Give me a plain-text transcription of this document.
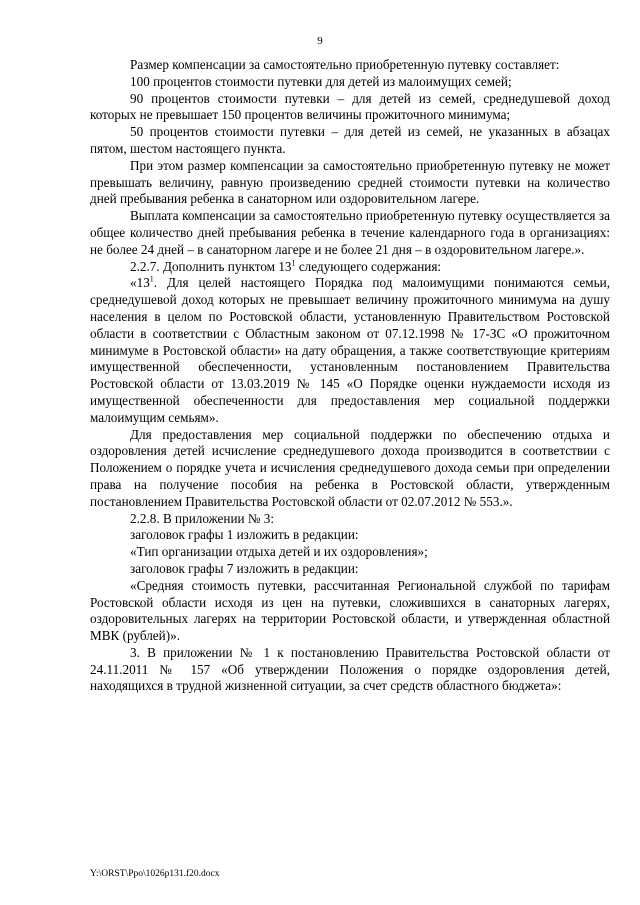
9

Размер компенсации за самостоятельно приобретенную путевку составляет:

100 процентов стоимости путевки для детей из малоимущих семей;

90 процентов стоимости путевки – для детей из семей, среднедушевой доход которых не превышает 150 процентов величины прожиточного минимума;

50 процентов стоимости путевки – для детей из семей, не указанных в абзацах пятом, шестом настоящего пункта.

При этом размер компенсации за самостоятельно приобретенную путевку не может превышать величину, равную произведению средней стоимости путевки на количество дней пребывания ребенка в санаторном или оздоровительном лагере.

Выплата компенсации за самостоятельно приобретенную путевку осуществляется за общее количество дней пребывания ребенка в течение календарного года в организациях: не более 24 дней – в санаторном лагере и не более 21 дня – в оздоровительном лагере.».

2.2.7. Дополнить пунктом $13^1$ следующего содержания:

«$13^1$. Для целей настоящего Порядка под малоимущими понимаются семьи, среднедушевой доход которых не превышает величину прожиточного минимума на душу населения в целом по Ростовской области, установленную Правительством Ростовской области в соответствии с Областным законом от 07.12.1998 № 17-ЗС «О прожиточном минимуме в Ростовской области» на дату обращения, а также соответствующие критериям имущественной обеспеченности, установленным постановлением Правительства Ростовской области от 13.03.2019 № 145 «О Порядке оценки нуждаемости исходя из имущественной обеспеченности для предоставления мер социальной поддержки малоимущим семьям».

Для предоставления мер социальной поддержки по обеспечению отдыха и оздоровления детей исчисление среднедушевого дохода производится в соответствии с Положением о порядке учета и исчисления среднедушевого дохода семьи при определении права на получение пособия на ребенка в Ростовской области, утвержденным постановлением Правительства Ростовской области от 02.07.2012 № 553.».

2.2.8. В приложении № 3:

заголовок графы 1 изложить в редакции:

«Тип организации отдыха детей и их оздоровления»;

заголовок графы 7 изложить в редакции:

«Средняя стоимость путевки, рассчитанная Региональной службой по тарифам Ростовской области исходя из цен на путевки, сложившихся в санаторных лагерях, оздоровительных лагерях на территории Ростовской области, и утвержденная областной МВК (рублей)».

3. В приложении № 1 к постановлению Правительства Ростовской области от 24.11.2011 № 157 «Об утверждении Положения о порядке оздоровления детей, находящихся в трудной жизненной ситуации, за счет средств областного бюджета»:

Y:\ORST\Ppo\1026p131.f20.docx
